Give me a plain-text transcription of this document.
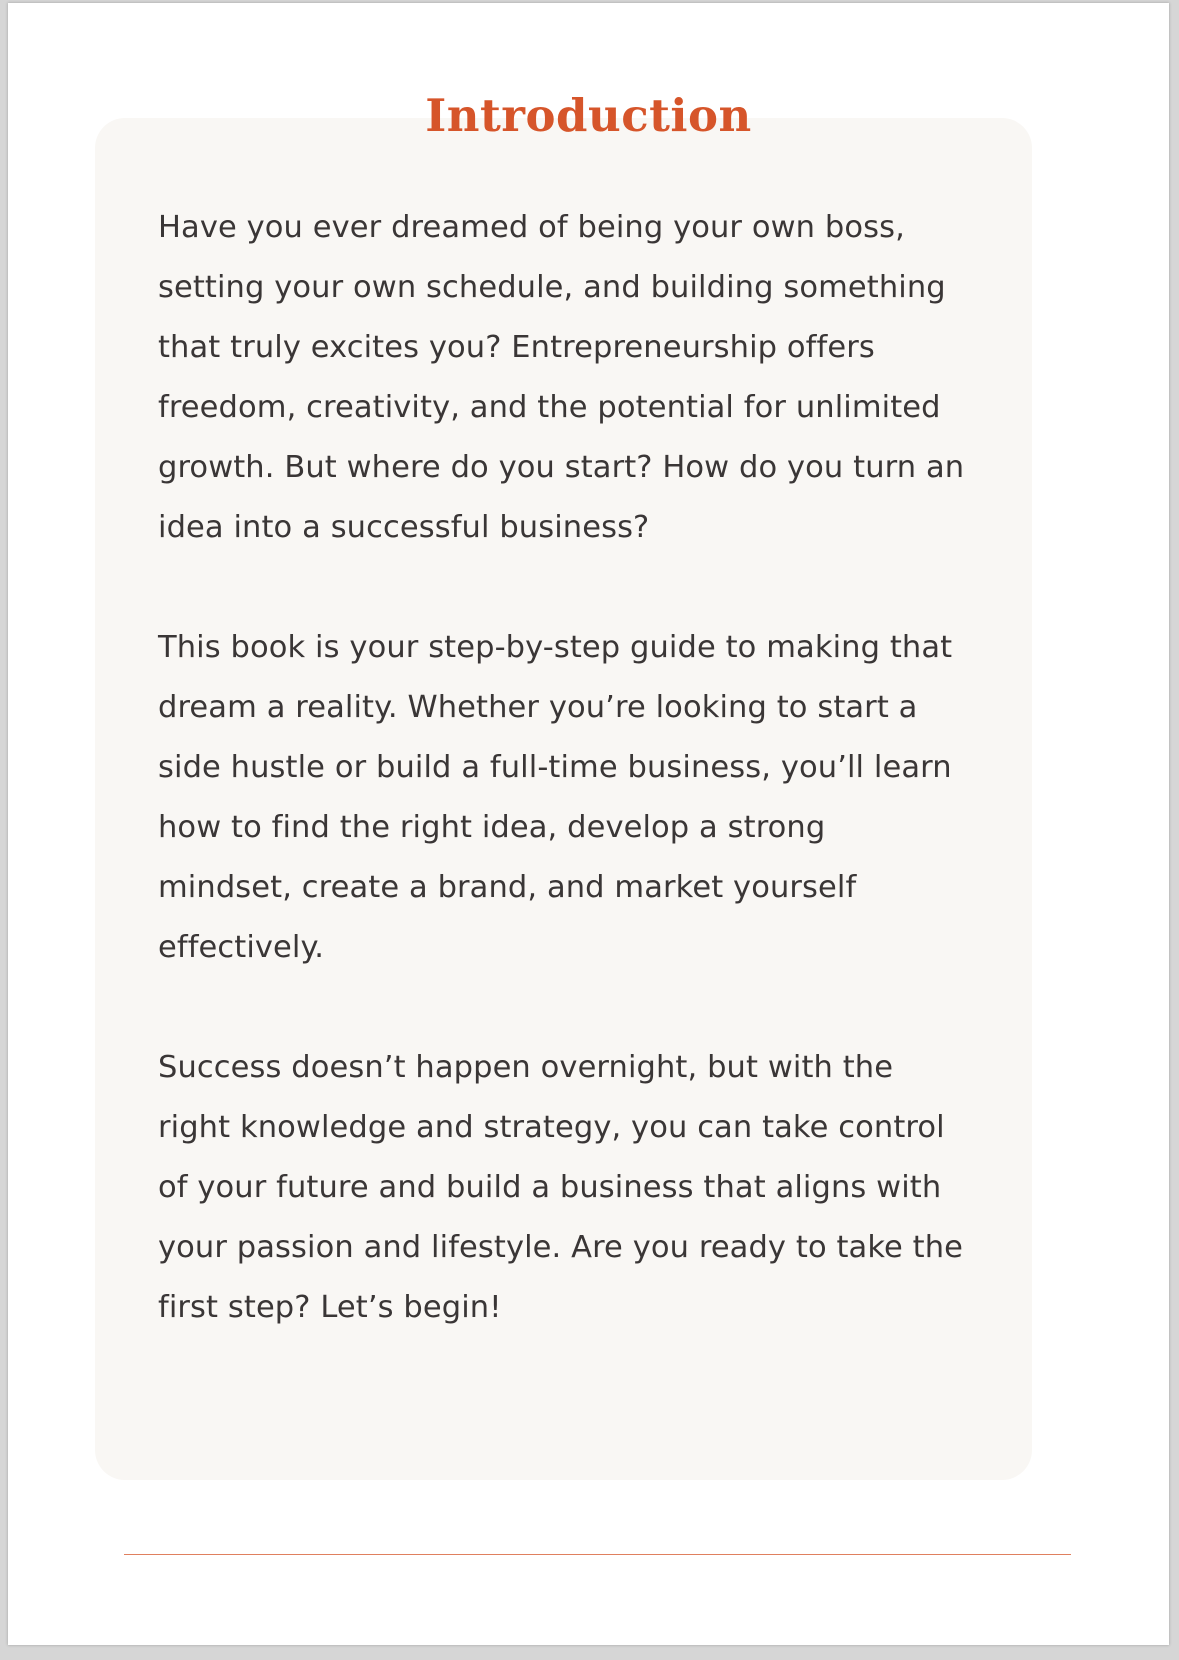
Introduction

Have you ever dreamed of being your own boss,
setting your own schedule, and building something
that truly excites you? Entrepreneurship offers
freedom, creativity, and the potential for unlimited
growth. But where do you start? How do you turn an
idea into a successful business?

This book is your step-by-step guide to making that
dream a reality. Whether you’re looking to start a
side hustle or build a full-time business, you’ll learn
how to find the right idea, develop a strong
mindset, create a brand, and market yourself
effectively.

Success doesn’t happen overnight, but with the
right knowledge and strategy, you can take control
of your future and build a business that aligns with
your passion and lifestyle. Are you ready to take the
first step? Let’s begin!
